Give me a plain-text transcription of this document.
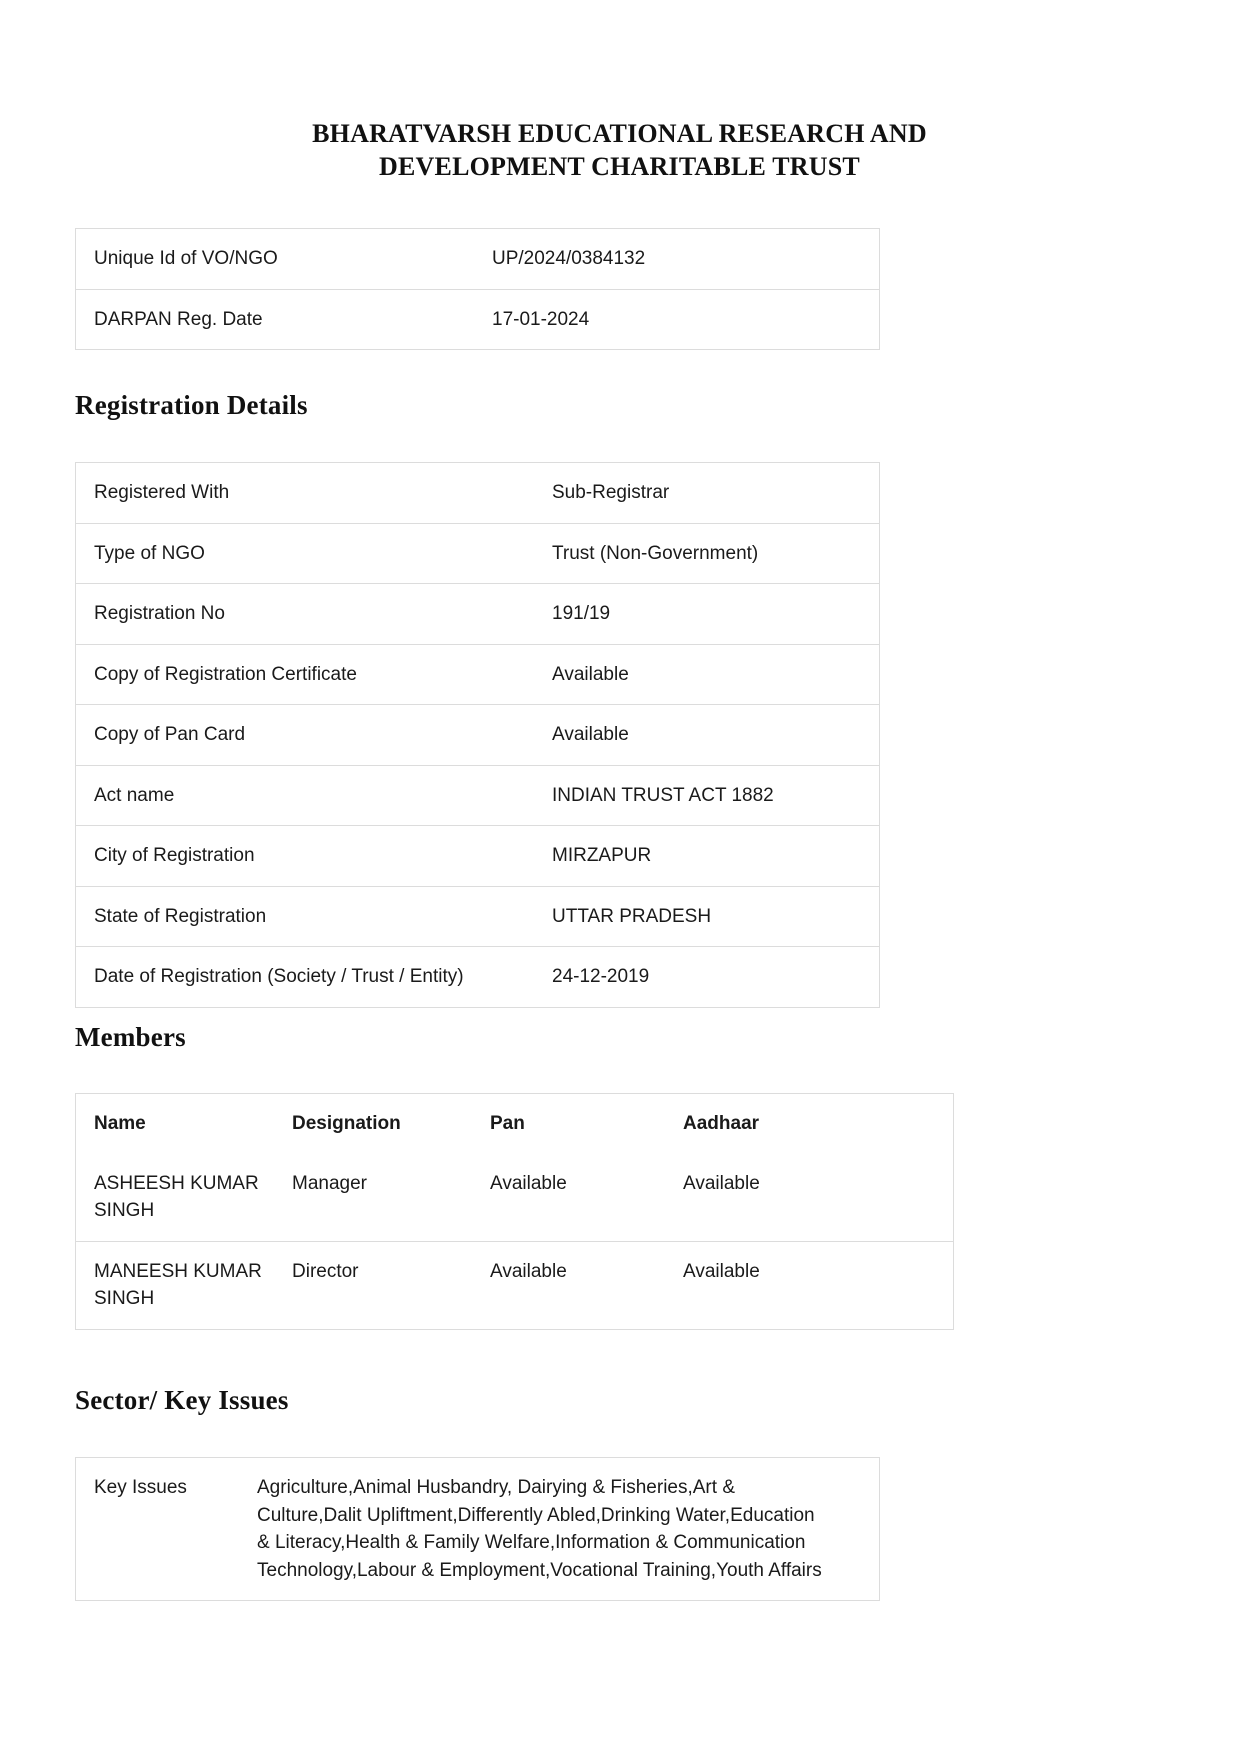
BHARATVARSH EDUCATIONAL RESEARCH AND
DEVELOPMENT CHARITABLE TRUST
Unique Id of VO/NGO	UP/2024/0384132
DARPAN Reg. Date	17-01-2024
Registration Details
Registered With	Sub-Registrar
Type of NGO	Trust (Non-Government)
Registration No	191/19
Copy of Registration Certificate	Available
Copy of Pan Card	Available
Act name	INDIAN TRUST ACT 1882
City of Registration	MIRZAPUR
State of Registration	UTTAR PRADESH
Date of Registration (Society / Trust / Entity)	24-12-2019
Members
Name	Designation	Pan	Aadhaar
ASHEESH KUMAR SINGH	Manager	Available	Available
MANEESH KUMAR SINGH	Director	Available	Available
Sector/ Key Issues
Key Issues	Agriculture,Animal Husbandry, Dairying & Fisheries,Art & Culture,Dalit Upliftment,Differently Abled,Drinking Water,Education & Literacy,Health & Family Welfare,Information & Communication Technology,Labour & Employment,Vocational Training,Youth Affairs
